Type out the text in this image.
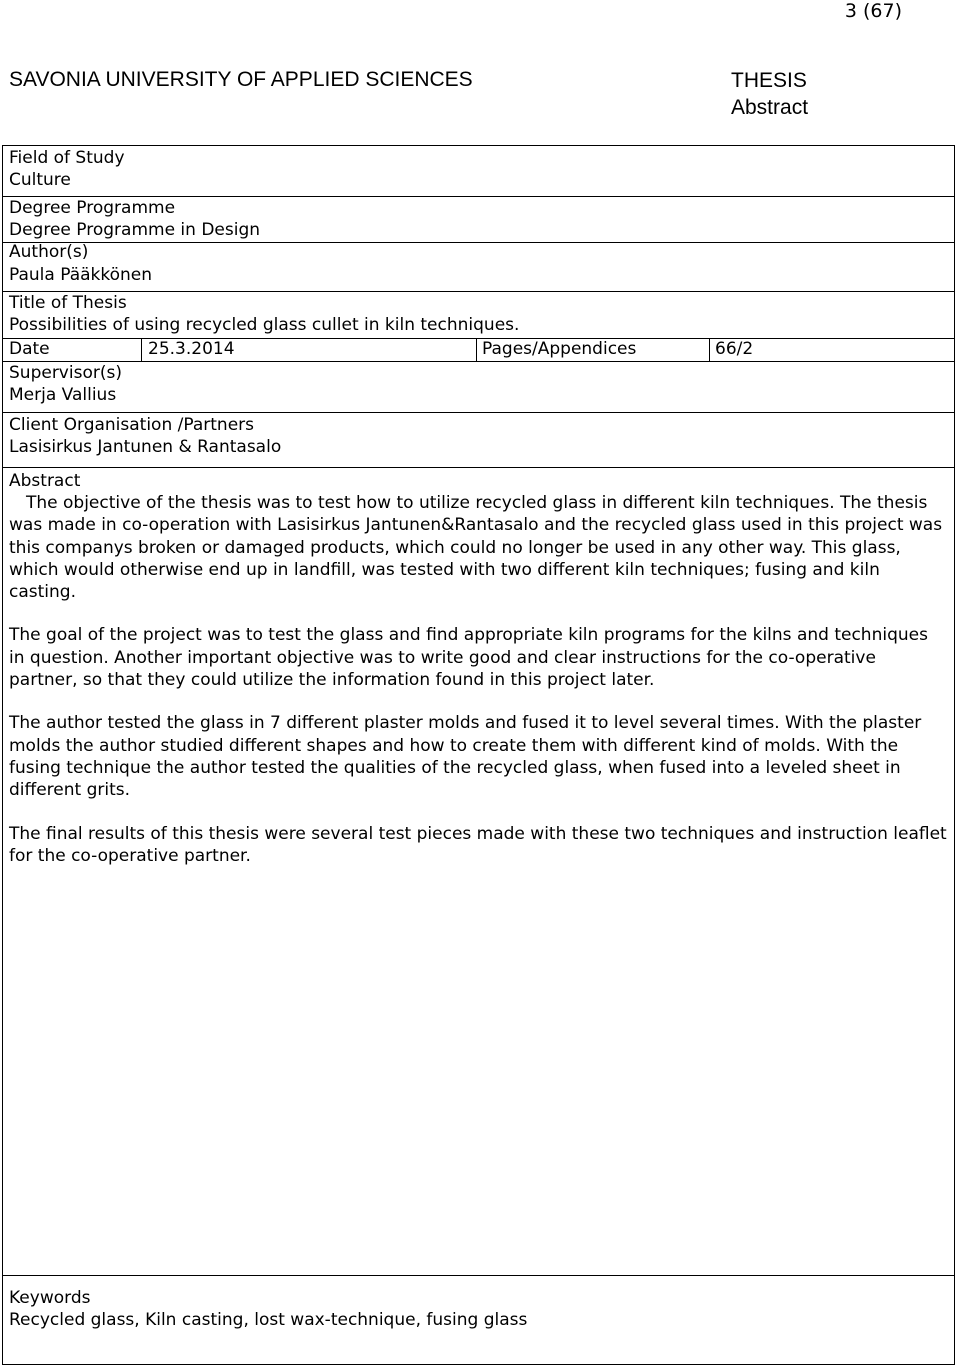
3 (67)
SAVONIA UNIVERSITY OF APPLIED SCIENCES	THESIS
Abstract
Field of Study
Culture
Degree Programme
Degree Programme in Design
Author(s)
Paula Pääkkönen
Title of Thesis
Possibilities of using recycled glass cullet in kiln techniques.
Date	25.3.2014	Pages/Appendices	66/2
Supervisor(s)
Merja Vallius
Client Organisation /Partners
Lasisirkus Jantunen & Rantasalo
Abstract

The objective of the thesis was to test how to utilize recycled glass in different kiln techniques. The thesis was made in co-operation with Lasisirkus Jantunen&Rantasalo and the recycled glass used in this project was this companys broken or damaged products, which could no longer be used in any other way. This glass, which would otherwise end up in landfill, was tested with two different kiln techniques; fusing and kiln casting.

The goal of the project was to test the glass and find appropriate kiln programs for the kilns and techniques in question. Another important objective was to write good and clear instructions for the co-operative partner, so that they could utilize the information found in this project later.

The author tested the glass in 7 different plaster molds and fused it to level several times. With the plaster molds the author studied different shapes and how to create them with different kind of molds. With the fusing technique the author tested the qualities of the recycled glass, when fused into a leveled sheet in different grits.

The final results of this thesis were several test pieces made with these two techniques and instruction leaflet for the co-operative partner.

Keywords
Recycled glass, Kiln casting, lost wax-technique, fusing glass
